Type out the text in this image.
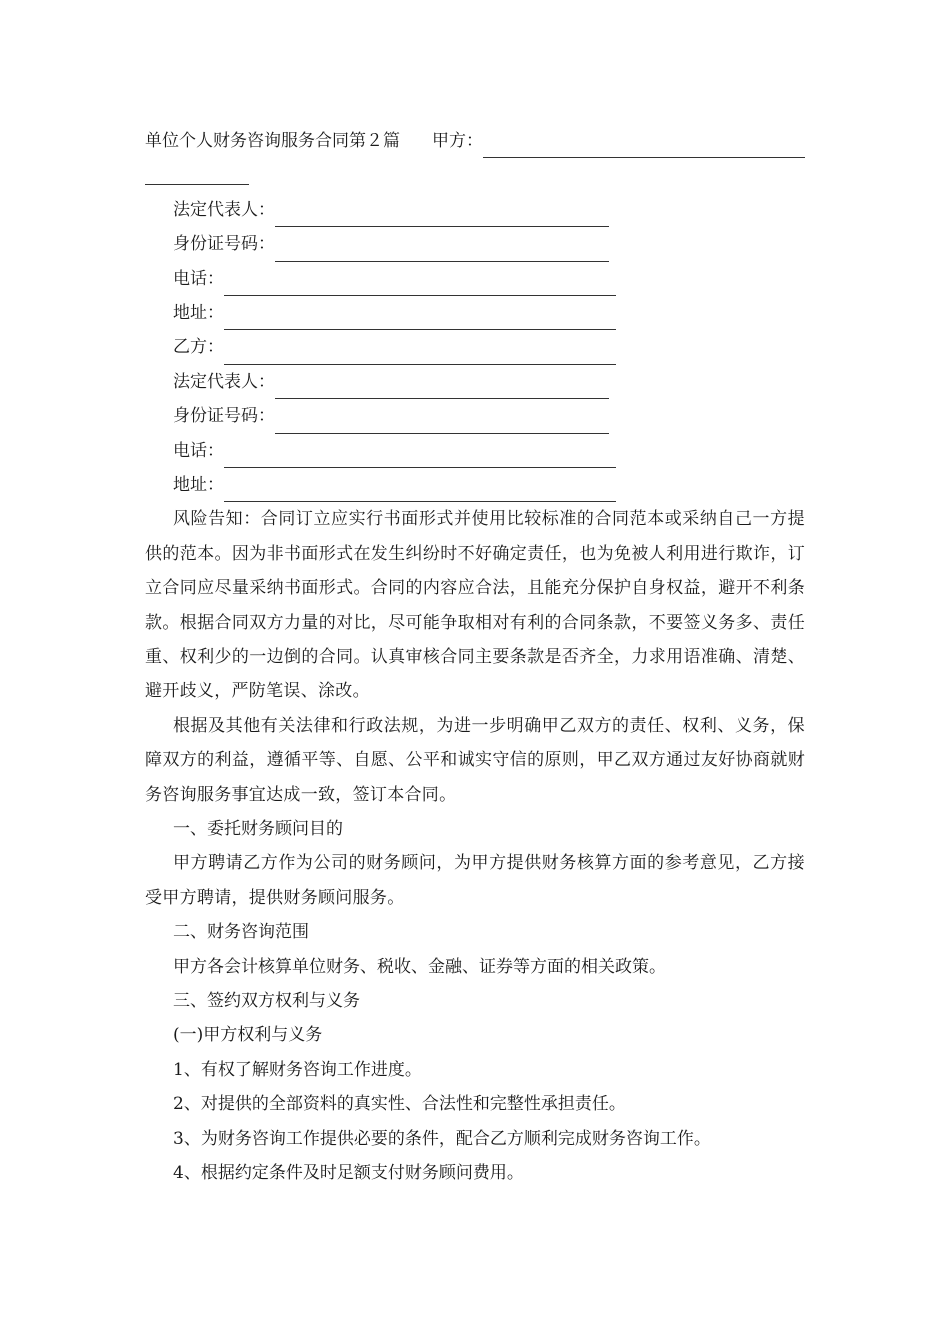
单位个人财务咨询服务合同第２篇 甲方：
法定代表人：
身份证号码：
电话：
地址：
乙方：
法定代表人：
身份证号码：
电话：
地址：

风险告知：合同订立应实行书面形式并使用比较标准的合同范本或采纳自己一方提供的范本。因为非书面形式在发生纠纷时不好确定责任，也为免被人利用进行欺诈，订立合同应尽量采纳书面形式。合同的内容应合法，且能充分保护自身权益，避开不利条款。根据合同双方力量的对比，尽可能争取相对有利的合同条款，不要签义务多、责任重、权利少的一边倒的合同。认真审核合同主要条款是否齐全，力求用语准确、清楚、避开歧义，严防笔误、涂改。

根据及其他有关法律和行政法规，为进一步明确甲乙双方的责任、权利、义务，保障双方的利益，遵循平等、自愿、公平和诚实守信的原则，甲乙双方通过友好协商就财务咨询服务事宜达成一致，签订本合同。

一、委托财务顾问目的

甲方聘请乙方作为公司的财务顾问，为甲方提供财务核算方面的参考意见，乙方接受甲方聘请，提供财务顾问服务。

二、财务咨询范围

甲方各会计核算单位财务、税收、金融、证券等方面的相关政策。

三、签约双方权利与义务

(一)甲方权利与义务

1、有权了解财务咨询工作进度。

2、对提供的全部资料的真实性、合法性和完整性承担责任。

3、为财务咨询工作提供必要的条件，配合乙方顺利完成财务咨询工作。

4、根据约定条件及时足额支付财务顾问费用。
